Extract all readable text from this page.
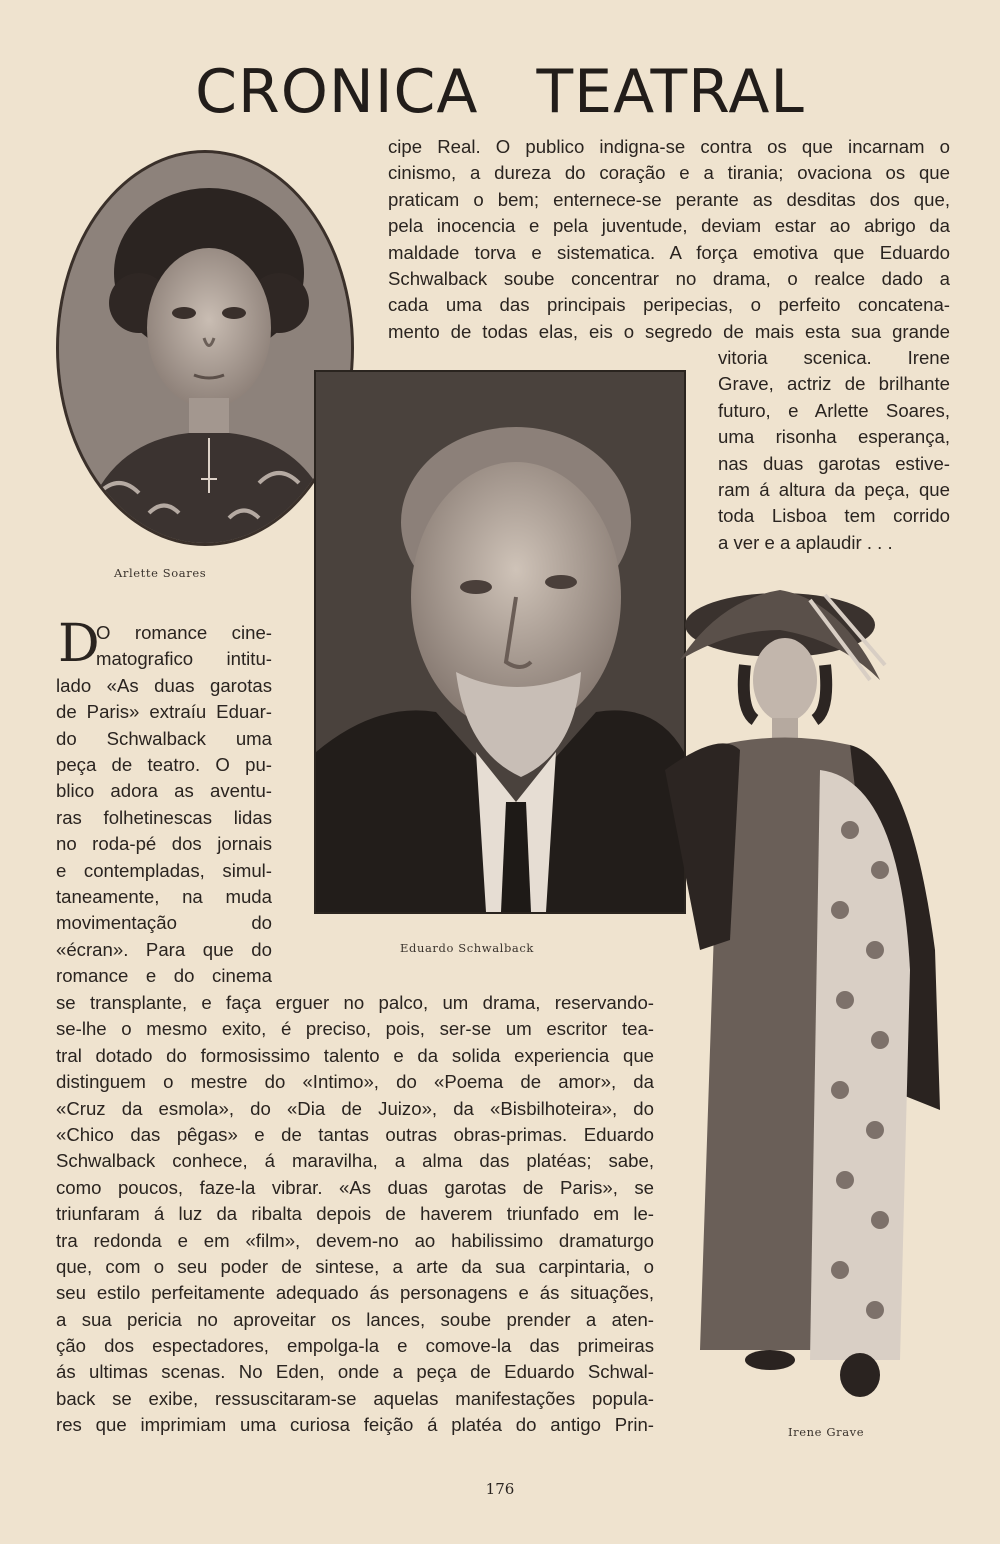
CRONICA TEATRAL

Arlette Soares

Eduardo Schwalback

Irene Grave

cipe Real. O publico indigna-se contra os que incarnam o
cinismo, a dureza do coração e a tirania; ovaciona os que
praticam o bem; enternece-se perante as desditas dos que,
pela inocencia e pela juventude, deviam estar ao abrigo da
maldade torva e sistematica. A força emotiva que Eduardo
Schwalback soube concentrar no drama, o realce dado a
cada uma das principais peripecias, o perfeito concatena-
mento de todas elas, eis o segredo de mais esta sua grande
vitoria scenica. Irene
Grave, actriz de brilhante
futuro, e Arlette Soares,
uma risonha esperança,
nas duas garotas estive-
ram á altura da peça, que
toda Lisboa tem corrido
a ver e a aplaudir . . .
D
O romance cine-
matografico intitu-
lado «As duas garotas
de Paris» extraíu Eduar-
do Schwalback uma
peça de teatro. O pu-
blico adora as aventu-
ras folhetinescas lidas
no roda-pé dos jornais
e contempladas, simul-
taneamente, na muda
movimentação do
«écran». Para que do
romance e do cinema
se transplante, e faça erguer no palco, um drama, reservando-
se-lhe o mesmo exito, é preciso, pois, ser-se um escritor tea-
tral dotado do formosissimo talento e da solida experiencia que
distinguem o mestre do «Intimo», do «Poema de amor», da
«Cruz da esmola», do «Dia de Juizo», da «Bisbilhoteira», do
«Chico das pêgas» e de tantas outras obras-primas. Eduardo
Schwalback conhece, á maravilha, a alma das platéas; sabe,
como poucos, faze-la vibrar. «As duas garotas de Paris», se
triunfaram á luz da ribalta depois de haverem triunfado em le-
tra redonda e em «film», devem-no ao habilissimo dramaturgo
que, com o seu poder de sintese, a arte da sua carpintaria, o
seu estilo perfeitamente adequado ás personagens e ás situações,
a sua pericia no aproveitar os lances, soube prender a aten-
ção dos espectadores, empolga-la e comove-la das primeiras
ás ultimas scenas. No Eden, onde a peça de Eduardo Schwal-
back se exibe, ressuscitaram-se aquelas manifestações popula-
res que imprimiam uma curiosa feição á platéa do antigo Prin-

176
